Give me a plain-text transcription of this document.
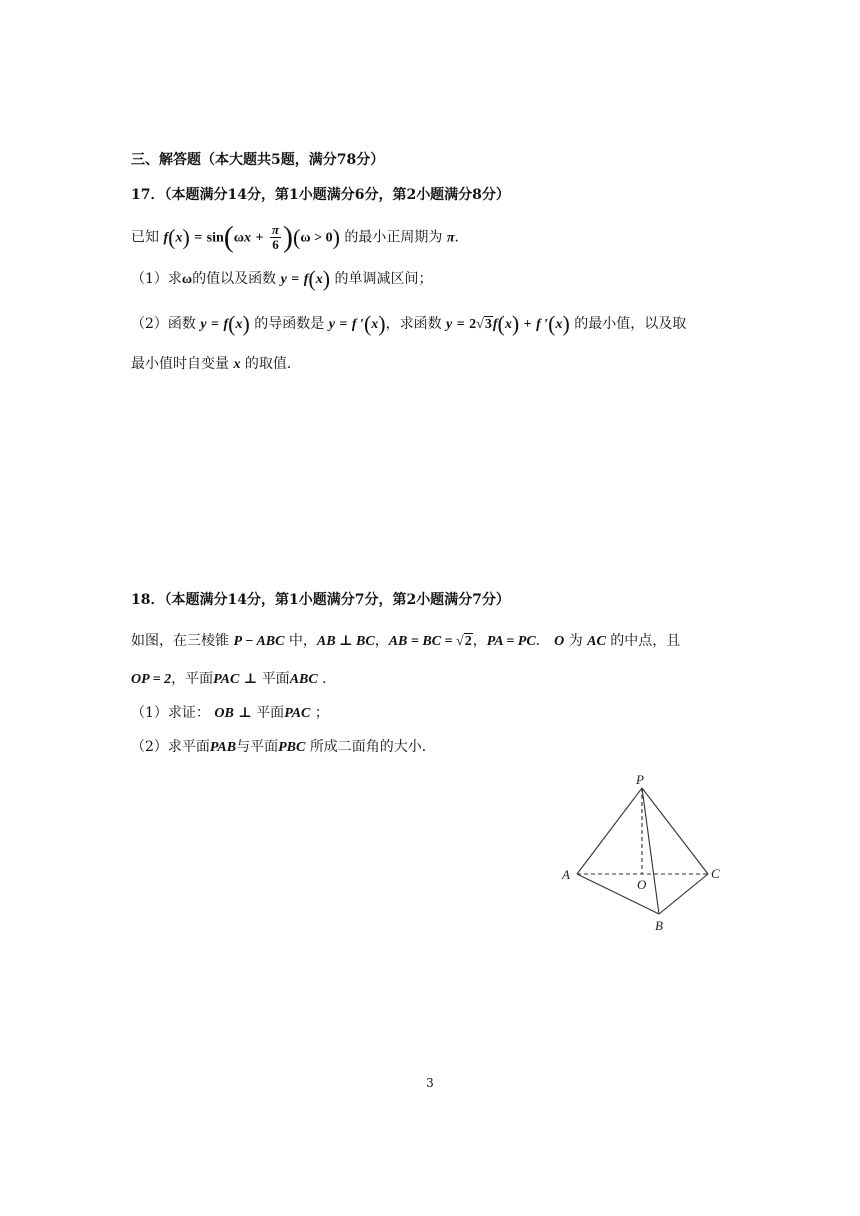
三、解答题（本大题共5题，满分78分）
17．（本题满分14分，第1小题满分6分，第2小题满分8分）
已知 $f(x) = \sin(\omega x + \frac{\pi}{6} )(\omega > 0)$ 的最小正周期为 π．
（1）求ω的值以及函数 y = f(x) 的单调减区间；
（2）函数 y = f(x) 的导函数是 y = f ′(x)，求函数 y = 2√3f(x) + f ′(x) 的最小值，以及取
最小值时自变量 x 的取值．
18．（本题满分14分，第1小题满分7分，第2小题满分7分）
如图，在三棱锥 P − ABC 中，AB ⊥ BC，AB = BC = √2，PA = PC． O 为 AC 的中点，且
OP = 2，平面PAC ⊥ 平面ABC ．
（1）求证： OB ⊥ 平面PAC ；
（2）求平面PAB与平面PBC 所成二面角的大小．
P
A
O
C
B
3
